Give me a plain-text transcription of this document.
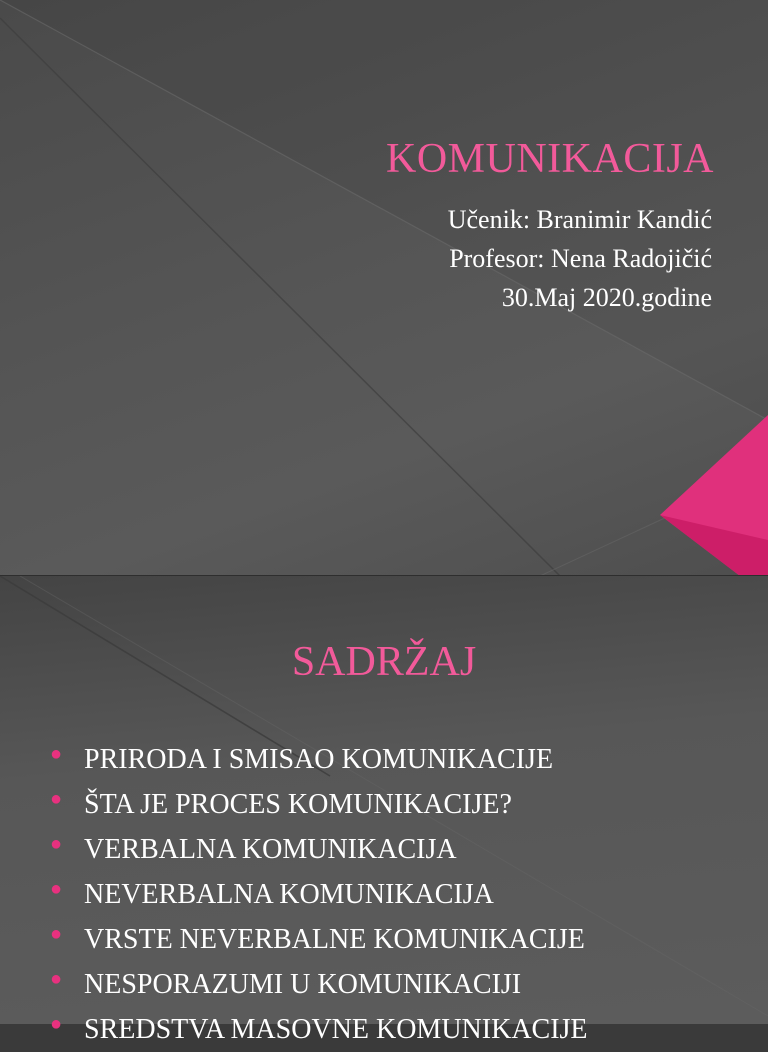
KOMUNIKACIJA
Učenik: Branimir Kandić
Profesor: Nena Radojičić
30.Maj 2020.godine
SADRŽAJ
● PRIRODA I SMISAO KOMUNIKACIJE
● ŠTA JE PROCES KOMUNIKACIJE?
● VERBALNA KOMUNIKACIJA
● NEVERBALNA KOMUNIKACIJA
● VRSTE NEVERBALNE KOMUNIKACIJE
● NESPORAZUMI U KOMUNIKACIJI
● SREDSTVA MASOVNE KOMUNIKACIJE
